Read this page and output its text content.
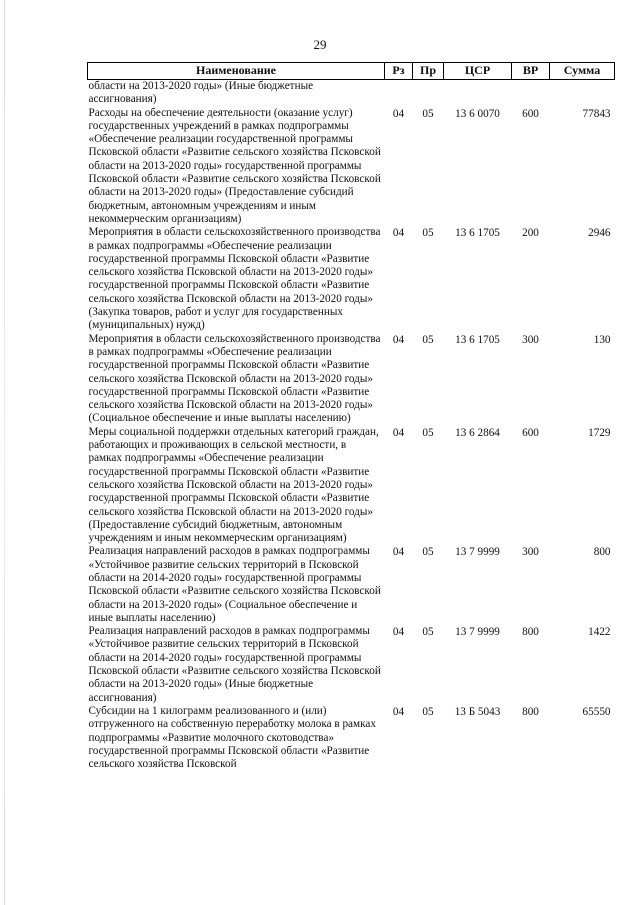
29
Наименование	Рз	Пр	ЦСР	ВР	Сумма
области на 2013-2020 годы» (Иные бюджетные ассигнования)					
Расходы на обеспечение деятельности (оказание услуг) государственных учреждений в рамках подпрограммы «Обеспечение реализации государственной программы Псковской области «Развитие сельского хозяйства Псковской области на 2013-2020 годы» государственной программы Псковской области «Развитие сельского хозяйства Псковской области на 2013-2020 годы» (Предоставление субсидий бюджетным, автономным учреждениям и иным некоммерческим организациям)	04	05	13 6 0070	600	77843
Мероприятия в области сельскохозяйственного производства в рамках подпрограммы «Обеспечение реализации государственной программы Псковской области «Развитие сельского хозяйства Псковской области на 2013-2020 годы» государственной программы Псковской области «Развитие сельского хозяйства Псковской области на 2013-2020 годы» (Закупка товаров, работ и услуг для государственных (муниципальных) нужд)	04	05	13 6 1705	200	2946
Мероприятия в области сельскохозяйственного производства в рамках подпрограммы «Обеспечение реализации государственной программы Псковской области «Развитие сельского хозяйства Псковской области на 2013-2020 годы» государственной программы Псковской области «Развитие сельского хозяйства Псковской области на 2013-2020 годы» (Социальное обеспечение и иные выплаты населению)	04	05	13 6 1705	300	130
Меры социальной поддержки отдельных категорий граждан, работающих и проживающих в сельской местности, в рамках подпрограммы «Обеспечение реализации государственной программы Псковской области «Развитие сельского хозяйства Псковской области на 2013-2020 годы» государственной программы Псковской области «Развитие сельского хозяйства Псковской области на 2013-2020 годы» (Предоставление субсидий бюджетным, автономным учреждениям и иным некоммерческим организациям)	04	05	13 6 2864	600	1729
Реализация направлений расходов в рамках подпрограммы «Устойчивое развитие сельских территорий в Псковской области на 2014-2020 годы» государственной программы Псковской области «Развитие сельского хозяйства Псковской области на 2013-2020 годы» (Социальное обеспечение и иные выплаты населению)	04	05	13 7 9999	300	800
Реализация направлений расходов в рамках подпрограммы «Устойчивое развитие сельских территорий в Псковской области на 2014-2020 годы» государственной программы Псковской области «Развитие сельского хозяйства Псковской области на 2013-2020 годы» (Иные бюджетные ассигнования)	04	05	13 7 9999	800	1422
Субсидии на 1 килограмм реализованного и (или) отгруженного на собственную переработку молока в рамках подпрограммы «Развитие молочного скотоводства» государственной программы Псковской области «Развитие сельского хозяйства Псковской	04	05	13 Б 5043	800	65550
